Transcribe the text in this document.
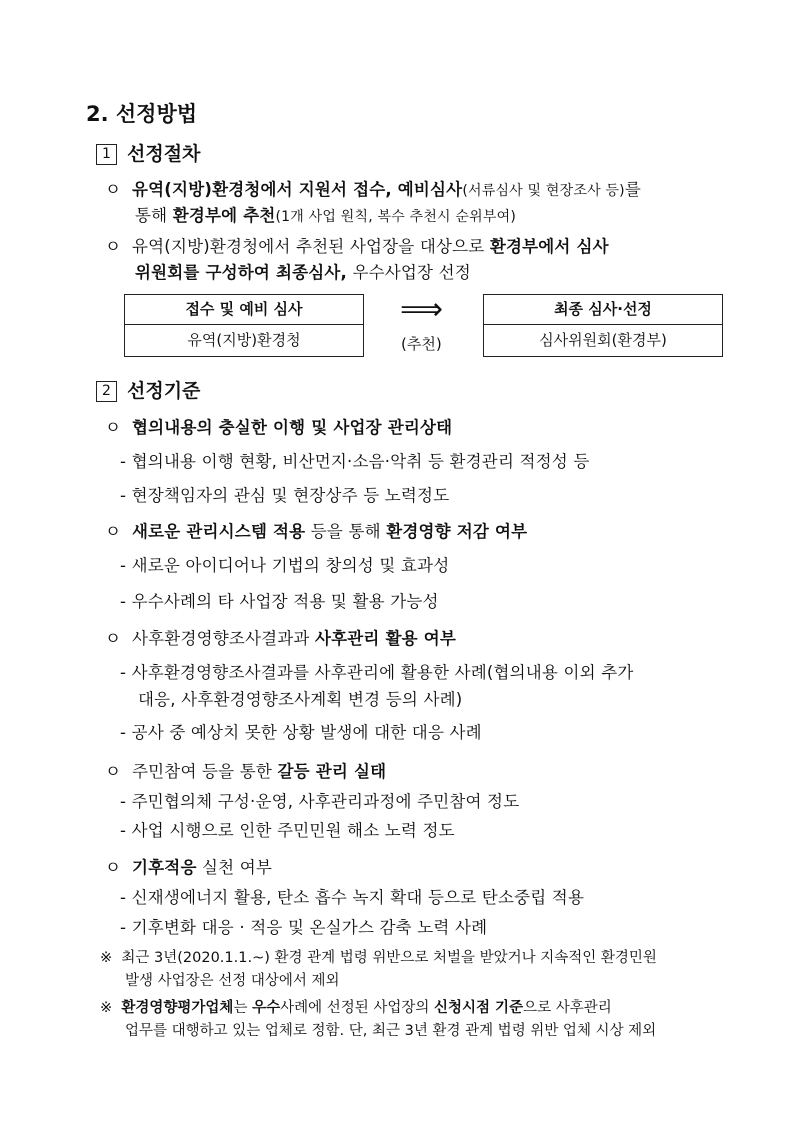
2. 선정방법
1 선정절차
ㅇ 유역(지방)환경청에서 지원서 접수, 예비심사(서류심사 및 현장조사 등)를
통해 환경부에 추천(1개 사업 원칙, 복수 추천시 순위부여)
ㅇ 유역(지방)환경청에서 추천된 사업장을 대상으로 환경부에서 심사
위원회를 구성하여 최종심사, 우수사업장 선정
접수 및 예비 심사
유역(지방)환경청
⟹
(추천)
최종 심사·선정
심사위원회(환경부)
2 선정기준
ㅇ 협의내용의 충실한 이행 및 사업장 관리상태
- 협의내용 이행 현황, 비산먼지·소음·악취 등 환경관리 적정성 등
- 현장책임자의 관심 및 현장상주 등 노력정도
ㅇ 새로운 관리시스템 적용 등을 통해 환경영향 저감 여부
- 새로운 아이디어나 기법의 창의성 및 효과성
- 우수사례의 타 사업장 적용 및 활용 가능성
ㅇ 사후환경영향조사결과과 사후관리 활용 여부
- 사후환경영향조사결과를 사후관리에 활용한 사례(협의내용 이외 추가
대응, 사후환경영향조사계획 변경 등의 사례)
- 공사 중 예상치 못한 상황 발생에 대한 대응 사례
ㅇ 주민참여 등을 통한 갈등 관리 실태
- 주민협의체 구성·운영, 사후관리과정에 주민참여 정도
- 사업 시행으로 인한 주민민원 해소 노력 정도
ㅇ 기후적응 실천 여부
- 신재생에너지 활용, 탄소 흡수 녹지 확대 등으로 탄소중립 적용
- 기후변화 대응 · 적응 및 온실가스 감축 노력 사례
※ 최근 3년(2020.1.1.~) 환경 관계 법령 위반으로 처벌을 받았거나 지속적인 환경민원
발생 사업장은 선정 대상에서 제외
※ 환경영향평가업체는 우수사례에 선정된 사업장의 신청시점 기준으로 사후관리
업무를 대행하고 있는 업체로 정함. 단, 최근 3년 환경 관계 법령 위반 업체 시상 제외
